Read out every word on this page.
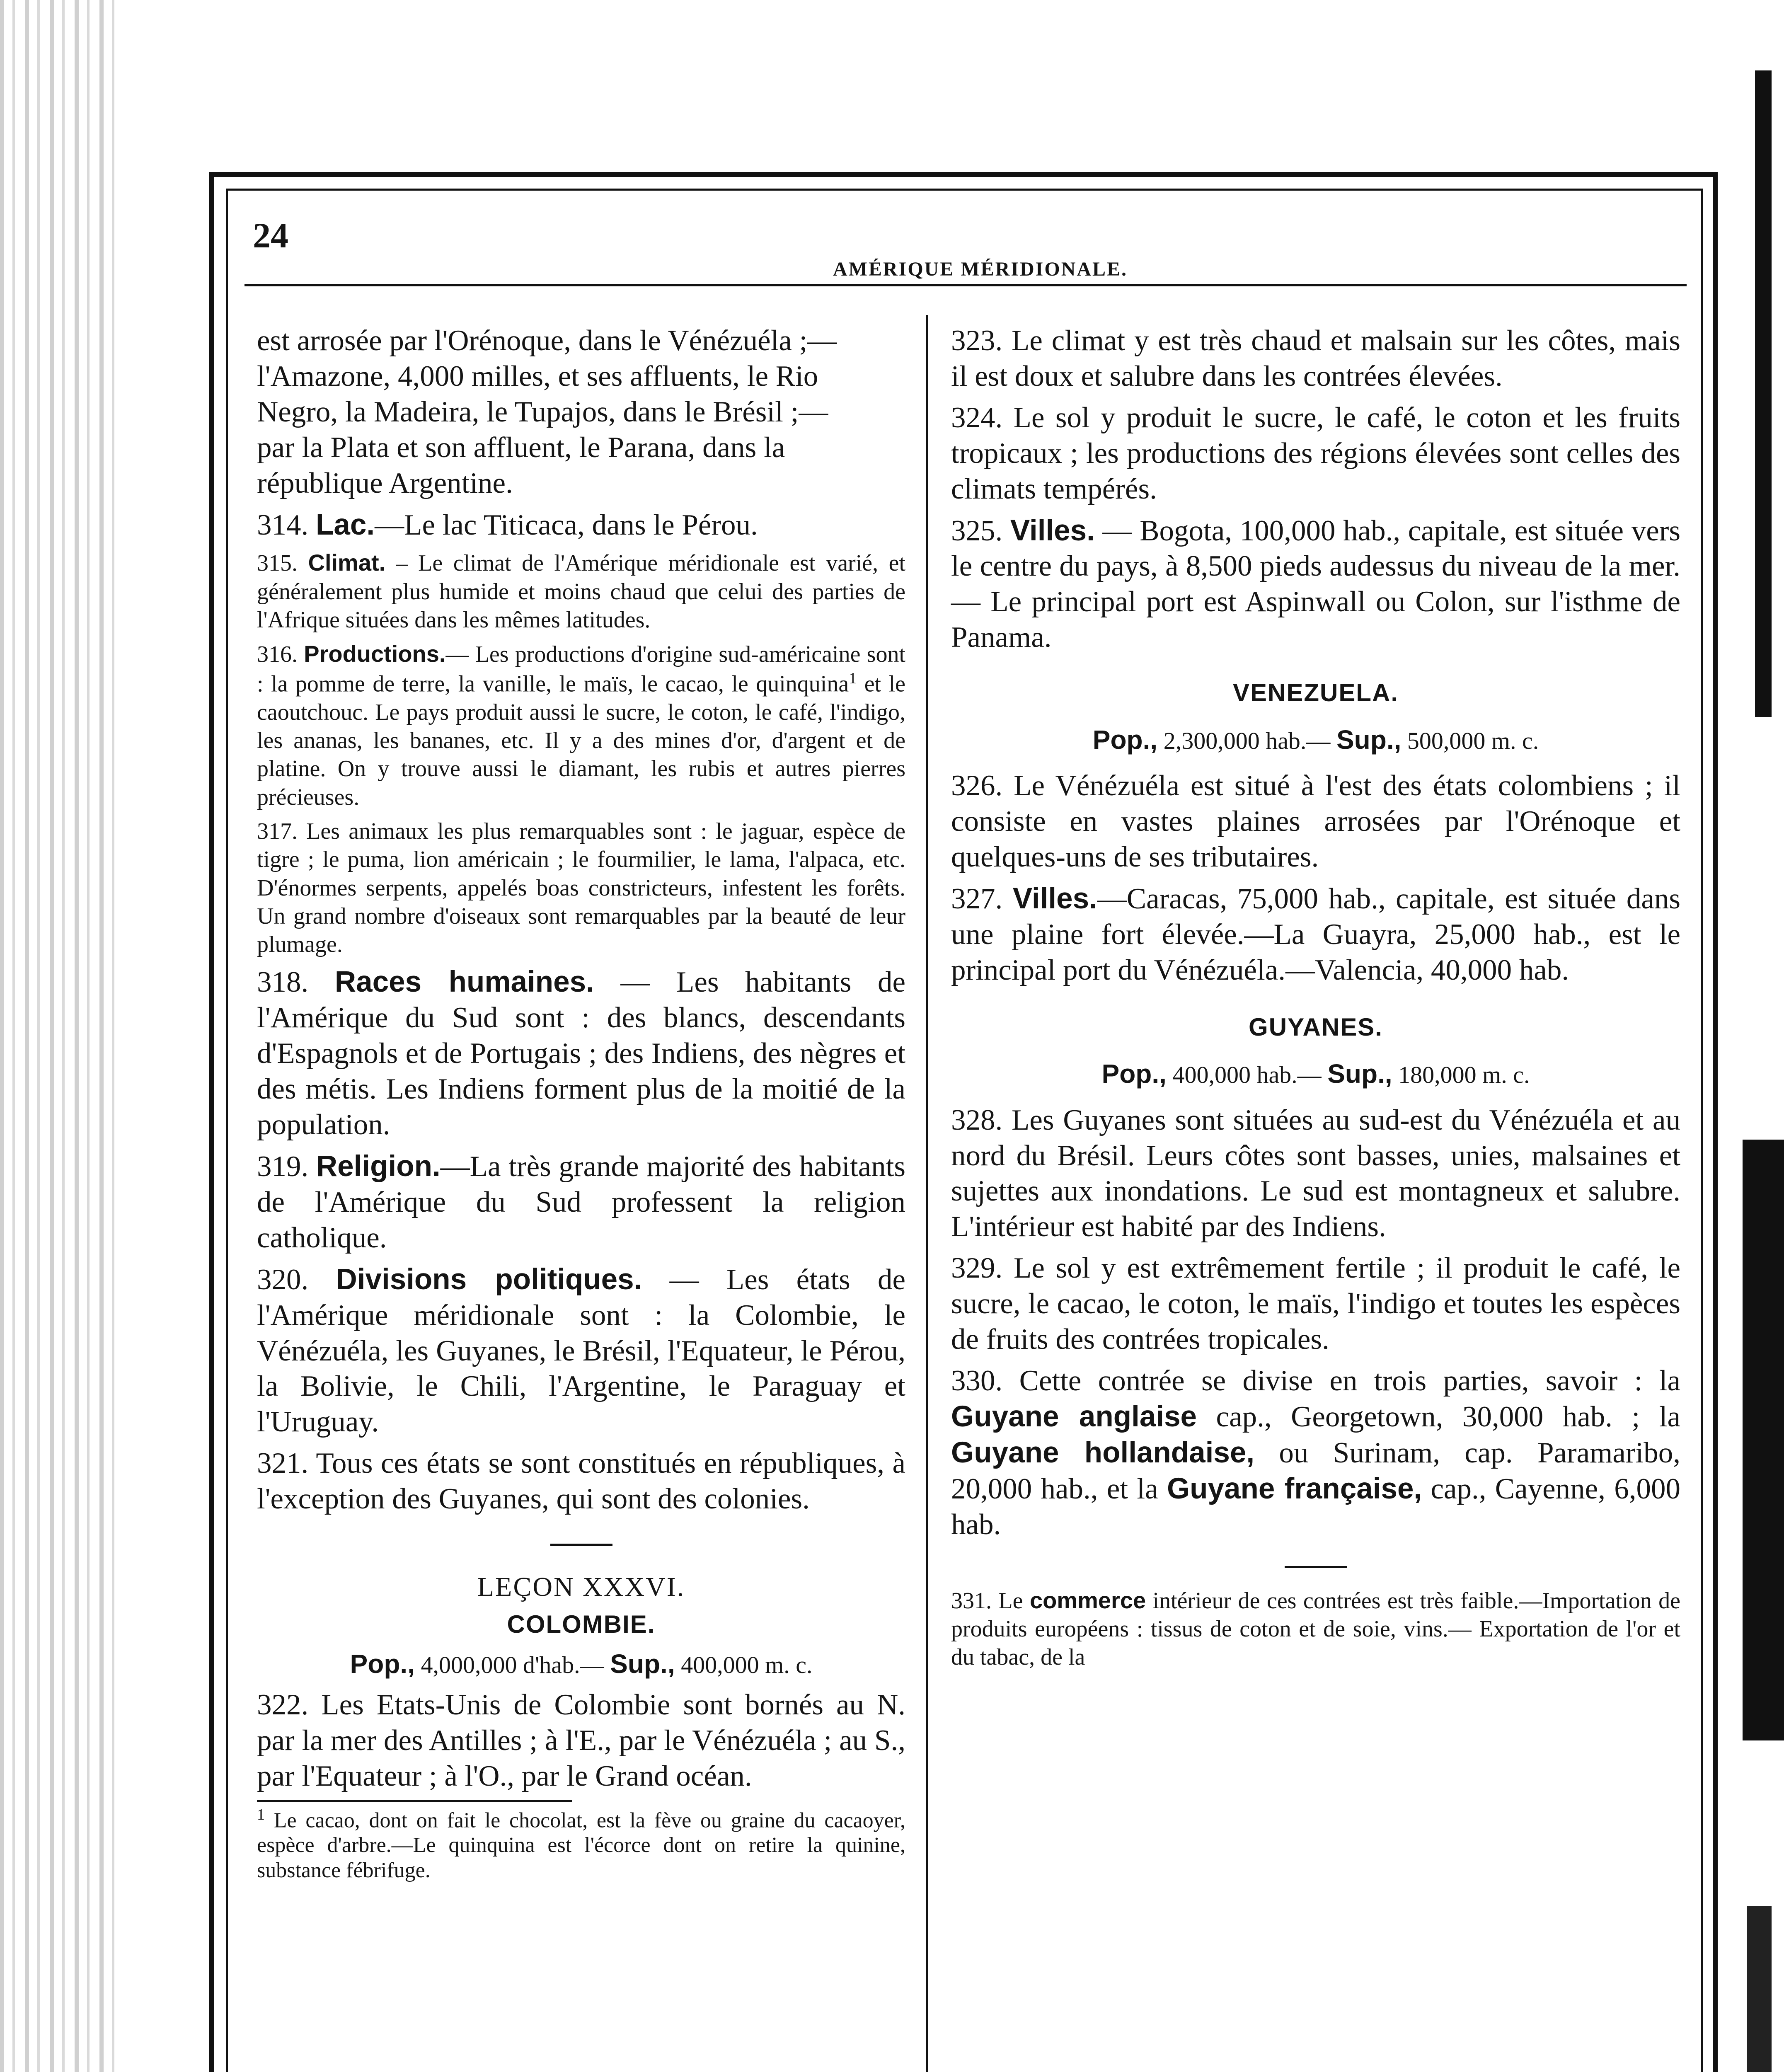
24
AMÉRIQUE MÉRIDIONALE.

est arrosée par l'Orénoque, dans le Vénézuéla ;—
l'Amazone, 4,000 milles, et ses affluents, le Rio
Negro, la Madeira, le Tupajos, dans le Brésil ;—
par la Plata et son affluent, le Parana, dans la
république Argentine.

314. Lac.—Le lac Titicaca, dans le Pérou.

315. Climat. – Le climat de l'Amérique méridionale est varié, et généralement plus humide et moins chaud que celui des parties de l'Afrique situées dans les mêmes latitudes.

316. Productions.— Les productions d'origine sud-américaine sont : la pomme de terre, la vanille, le maïs, le cacao, le quinquina$^1$ et le caoutchouc. Le pays produit aussi le sucre, le coton, le café, l'indigo, les ananas, les bananes, etc. Il y a des mines d'or, d'argent et de platine. On y trouve aussi le diamant, les rubis et autres pierres précieuses.

317. Les animaux les plus remarquables sont : le jaguar, espèce de tigre ; le puma, lion américain ; le fourmilier, le lama, l'alpaca, etc. D'énormes serpents, appelés boas constricteurs, infestent les forêts. Un grand nombre d'oiseaux sont remarquables par la beauté de leur plumage.

318. Races humaines. — Les habitants de l'Amérique du Sud sont : des blancs, descendants d'Espagnols et de Portugais ; des Indiens, des nègres et des métis. Les Indiens forment plus de la moitié de la population.

319. Religion.—La très grande majorité des habitants de l'Amérique du Sud professent la religion catholique.

320. Divisions politiques. — Les états de l'Amérique méridionale sont : la Colombie, le Vénézuéla, les Guyanes, le Brésil, l'Equateur, le Pérou, la Bolivie, le Chili, l'Argentine, le Paraguay et l'Uruguay.

321. Tous ces états se sont constitués en républiques, à l'exception des Guyanes, qui sont des colonies.

LEÇON XXXVI.

COLOMBIE.

Pop., 4,000,000 d'hab.— Sup., 400,000 m. c.

322. Les Etats-Unis de Colombie sont bornés au N. par la mer des Antilles ; à l'E., par le Vénézuéla ; au S., par l'Equateur ; à l'O., par le Grand océan.

$^1$ Le cacao, dont on fait le chocolat, est la fève ou graine du cacaoyer, espèce d'arbre.—Le quinquina est l'écorce dont on retire la quinine, substance fébrifuge.

323. Le climat y est très chaud et malsain sur les côtes, mais il est doux et salubre dans les contrées élevées.

324. Le sol y produit le sucre, le café, le coton et les fruits tropicaux ; les productions des régions élevées sont celles des climats tempérés.

325. Villes. — Bogota, 100,000 hab., capitale, est située vers le centre du pays, à 8,500 pieds audessus du niveau de la mer.— Le principal port est Aspinwall ou Colon, sur l'isthme de Panama.

VENEZUELA.

Pop., 2,300,000 hab.— Sup., 500,000 m. c.

326. Le Vénézuéla est situé à l'est des états colombiens ; il consiste en vastes plaines arrosées par l'Orénoque et quelques-uns de ses tributaires.

327. Villes.—Caracas, 75,000 hab., capitale, est située dans une plaine fort élevée.—La Guayra, 25,000 hab., est le principal port du Vénézuéla.—Valencia, 40,000 hab.

GUYANES.

Pop., 400,000 hab.— Sup., 180,000 m. c.

328. Les Guyanes sont situées au sud-est du Vénézuéla et au nord du Brésil. Leurs côtes sont basses, unies, malsaines et sujettes aux inondations. Le sud est montagneux et salubre. L'intérieur est habité par des Indiens.

329. Le sol y est extrêmement fertile ; il produit le café, le sucre, le cacao, le coton, le maïs, l'indigo et toutes les espèces de fruits des contrées tropicales.

330. Cette contrée se divise en trois parties, savoir : la Guyane anglaise cap., Georgetown, 30,000 hab. ; la Guyane hollandaise, ou Surinam, cap. Paramaribo, 20,000 hab., et la Guyane française, cap., Cayenne, 6,000 hab.

331. Le commerce intérieur de ces contrées est très faible.—Importation de produits européens : tissus de coton et de soie, vins.— Exportation de l'or et du tabac, de la
